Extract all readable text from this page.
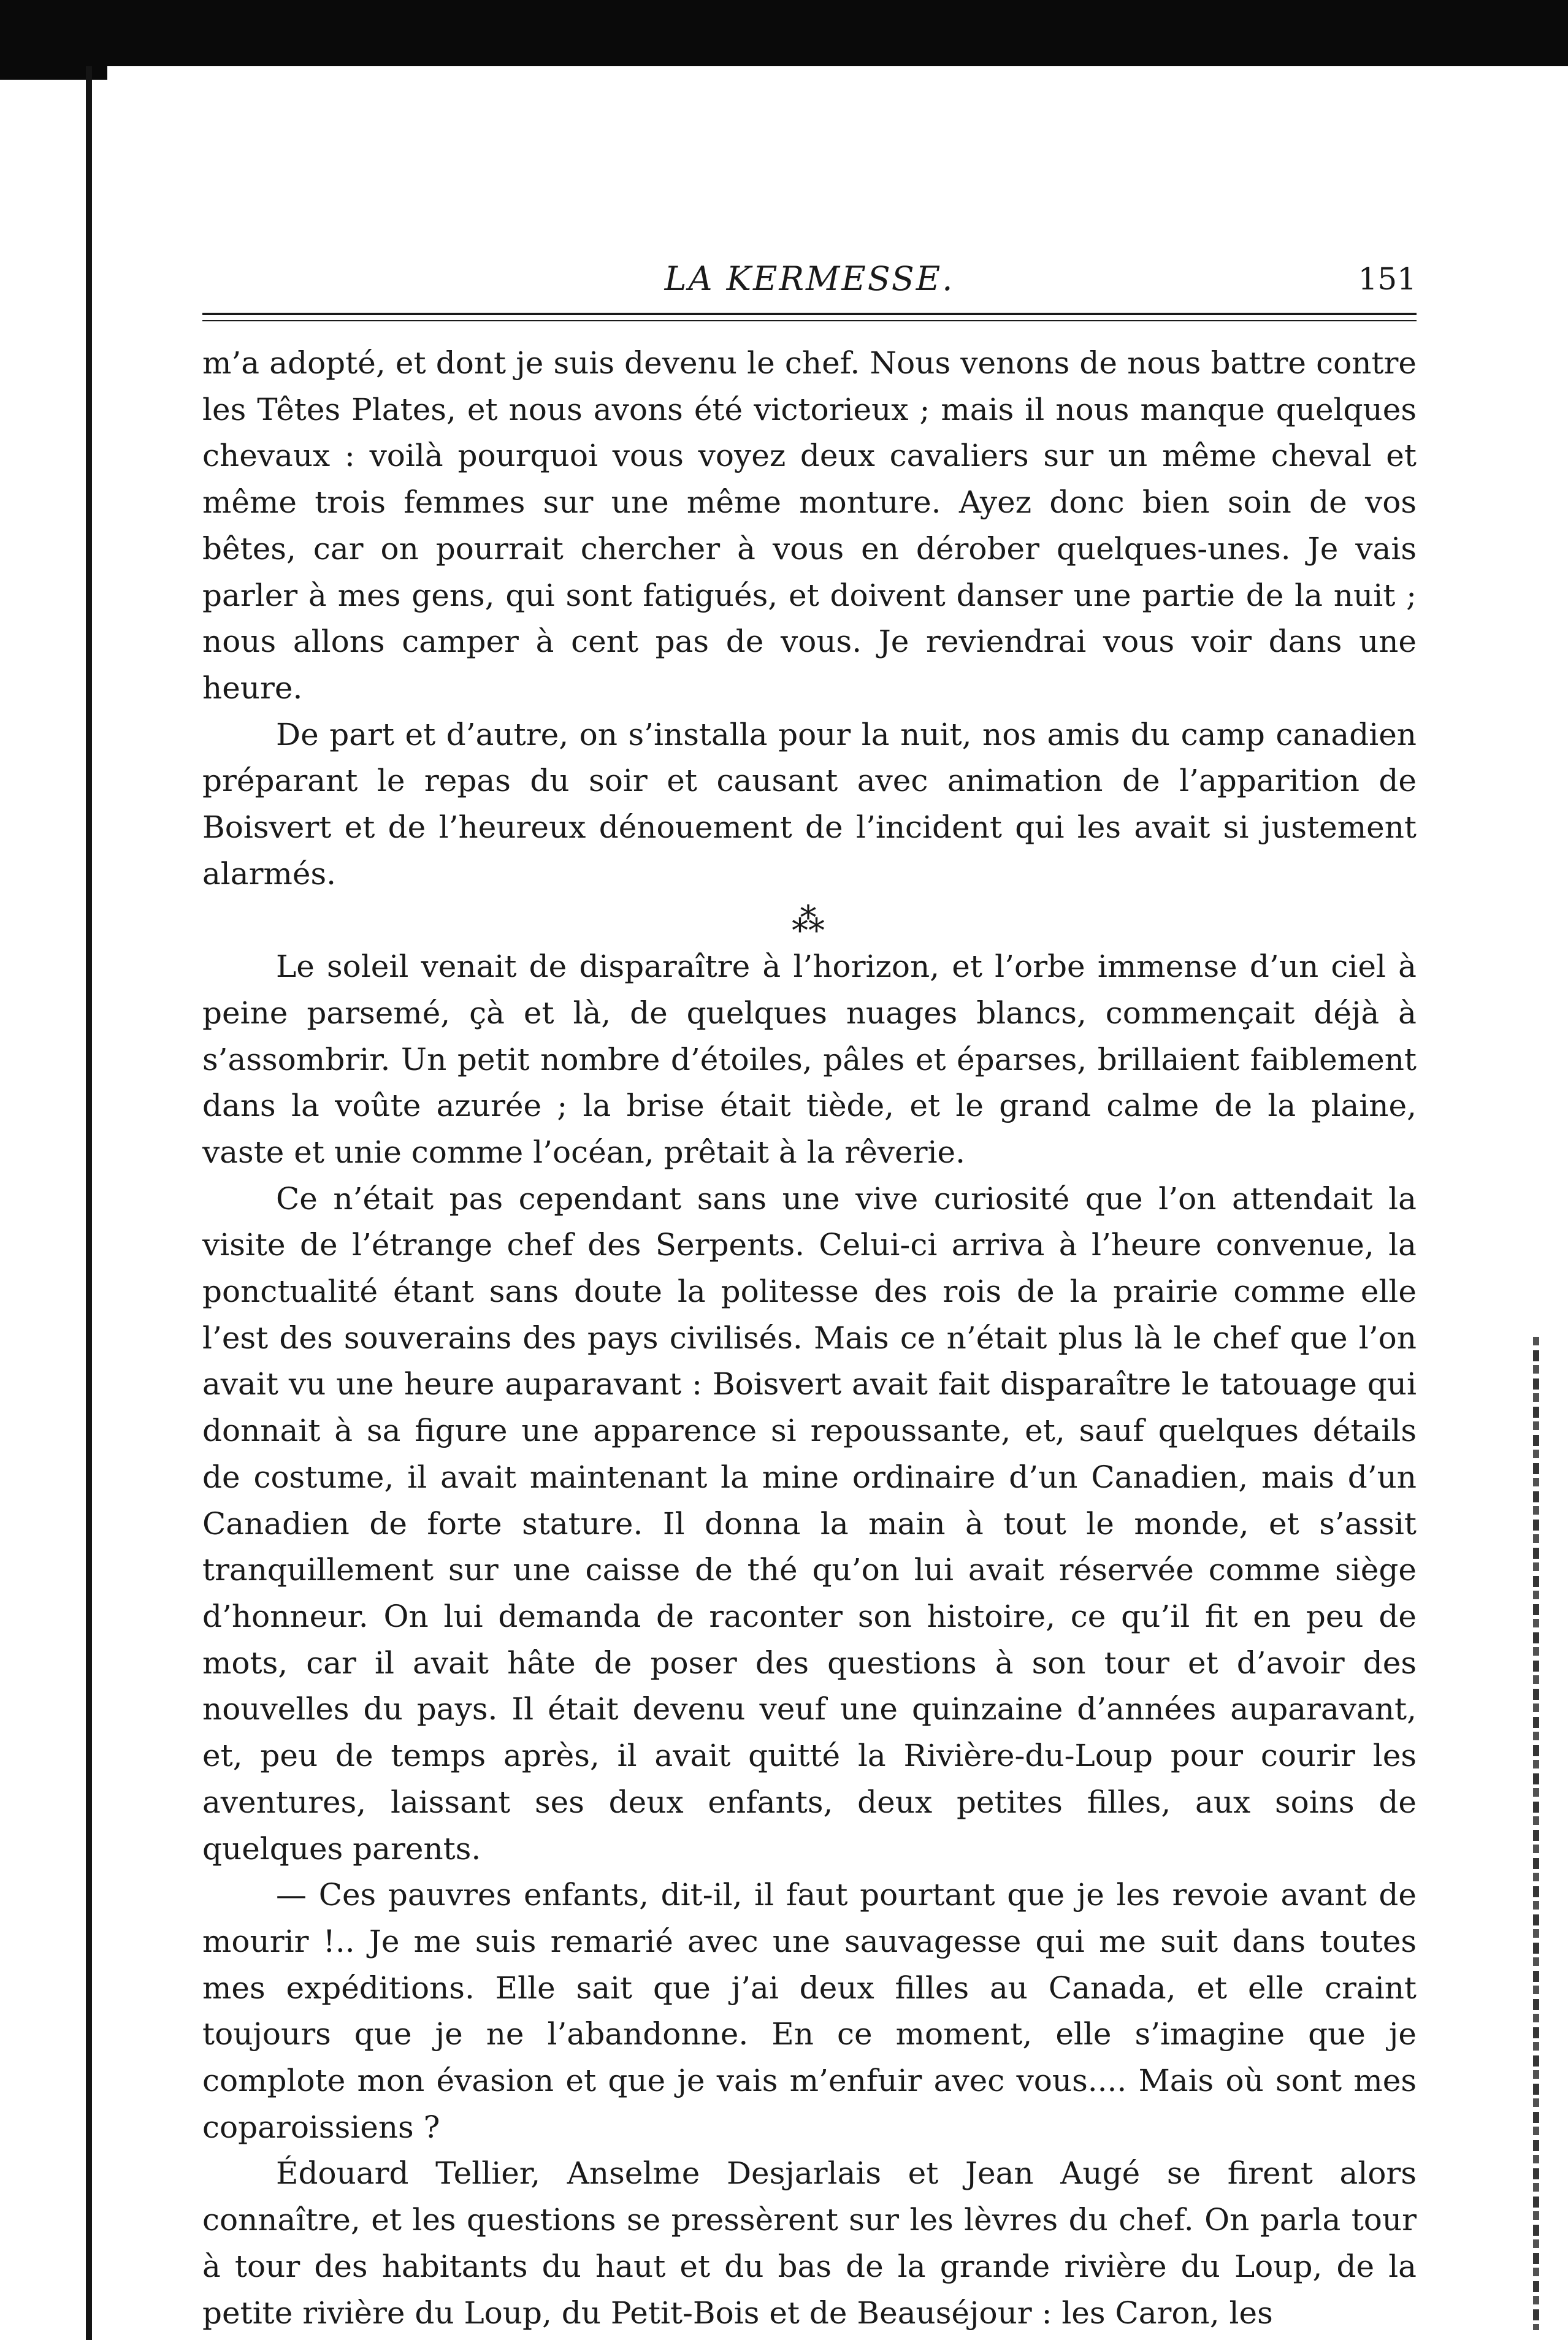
LA KERMESSE.	151

m’a adopté, et dont je suis devenu le chef. Nous venons de nous battre contre les Têtes Plates, et nous avons été victorieux ; mais il nous manque quelques chevaux : voilà pourquoi vous voyez deux cavaliers sur un même cheval et même trois femmes sur une même monture. Ayez donc bien soin de vos bêtes, car on pourrait chercher à vous en dérober quelques-unes. Je vais parler à mes gens, qui sont fatigués, et doivent danser une partie de la nuit ; nous allons camper à cent pas de vous. Je reviendrai vous voir dans une heure.

De part et d’autre, on s’installa pour la nuit, nos amis du camp canadien préparant le repas du soir et causant avec animation de l’apparition de Boisvert et de l’heureux dénouement de l’incident qui les avait si justement alarmés.

⁂

Le soleil venait de disparaître à l’horizon, et l’orbe immense d’un ciel à peine parsemé, çà et là, de quelques nuages blancs, commençait déjà à s’assombrir. Un petit nombre d’étoiles, pâles et éparses, brillaient faiblement dans la voûte azurée ; la brise était tiède, et le grand calme de la plaine, vaste et unie comme l’océan, prêtait à la rêverie.

Ce n’était pas cependant sans une vive curiosité que l’on attendait la visite de l’étrange chef des Serpents. Celui-ci arriva à l’heure convenue, la ponctualité étant sans doute la politesse des rois de la prairie comme elle l’est des souverains des pays civilisés. Mais ce n’était plus là le chef que l’on avait vu une heure auparavant : Boisvert avait fait disparaître le tatouage qui donnait à sa figure une apparence si repoussante, et, sauf quelques détails de costume, il avait maintenant la mine ordinaire d’un Canadien, mais d’un Canadien de forte stature. Il donna la main à tout le monde, et s’assit tranquillement sur une caisse de thé qu’on lui avait réservée comme siège d’honneur. On lui demanda de raconter son histoire, ce qu’il fit en peu de mots, car il avait hâte de poser des questions à son tour et d’avoir des nouvelles du pays. Il était devenu veuf une quinzaine d’années auparavant, et, peu de temps après, il avait quitté la Rivière-du-Loup pour courir les aventures, laissant ses deux enfants, deux petites filles, aux soins de quelques parents.

— Ces pauvres enfants, dit-il, il faut pourtant que je les revoie avant de mourir !.. Je me suis remarié avec une sauvagesse qui me suit dans toutes mes expéditions. Elle sait que j’ai deux filles au Canada, et elle craint toujours que je ne l’abandonne. En ce moment, elle s’imagine que je complote mon évasion et que je vais m’enfuir avec vous.... Mais où sont mes coparoissiens ?

Édouard Tellier, Anselme Desjarlais et Jean Augé se firent alors connaître, et les questions se pressèrent sur les lèvres du chef. On parla tour à tour des habitants du haut et du bas de la grande rivière du Loup, de la petite rivière du Loup, du Petit-Bois et de Beauséjour : les Caron, les
